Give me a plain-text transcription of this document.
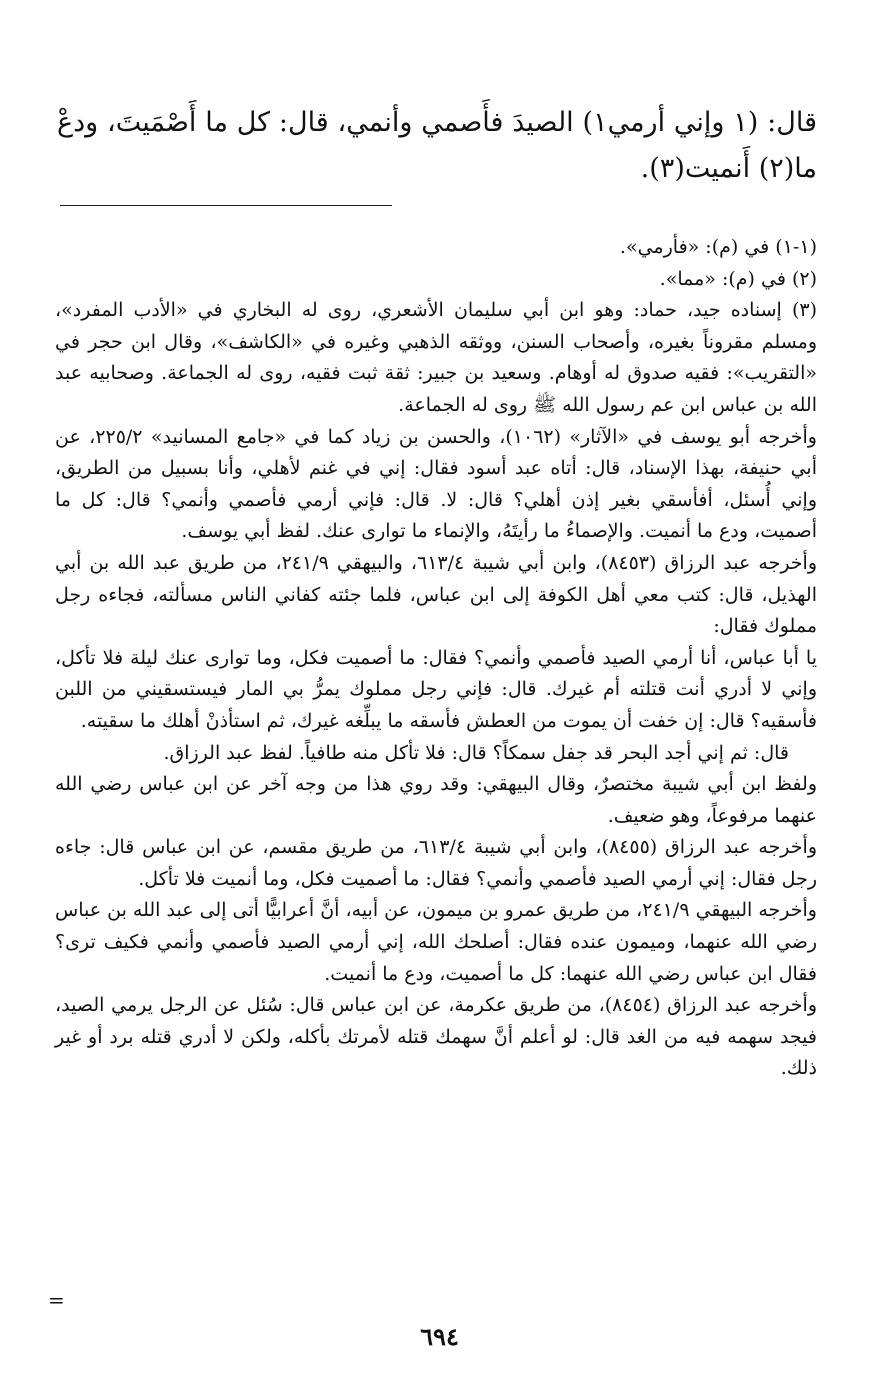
قال: (١ وإني أرمي١) الصيدَ فأَصمي وأنمي، قال: كل ما أَصْمَيتَ، ودعْ ما(٢) أَنميت(٣).

(١-١) في (م): «فأرمي».

(٢) في (م): «مما».

(٣) إسناده جيد، حماد: وهو ابن أبي سليمان الأشعري، روى له البخاري في «الأدب المفرد»، ومسلم مقروناً بغيره، وأصحاب السنن، ووثقه الذهبي وغيره في «الكاشف»، وقال ابن حجر في «التقريب»: فقيه صدوق له أوهام. وسعيد بن جبير: ثقة ثبت فقيه، روى له الجماعة. وصحابيه عبد الله بن عباس ابن عم رسول الله ﷺ روى له الجماعة.

وأخرجه أبو يوسف في «الآثار» (١٠٦٢)، والحسن بن زياد كما في «جامع المسانيد» ٢٢٥/٢، عن أبي حنيفة، بهذا الإسناد، قال: أتاه عبد أسود فقال: إني في غنم لأهلي، وأنا بسبيل من الطريق، وإني أُسئل، أفأسقي بغير إذن أهلي؟ قال: لا. قال: فإني أرمي فأصمي وأنمي؟ قال: كل ما أصميت، ودع ما أنميت. والإصماءُ ما رأيتَهُ، والإنماء ما توارى عنك. لفظ أبي يوسف.

وأخرجه عبد الرزاق (٨٤٥٣)، وابن أبي شيبة ٦١٣/٤، والبيهقي ٢٤١/٩، من طريق عبد الله بن أبي الهذيل، قال: كتب معي أهل الكوفة إلى ابن عباس، فلما جئته كفاني الناس مسألته، فجاءه رجل مملوك فقال:

يا أبا عباس، أنا أرمي الصيد فأصمي وأنمي؟ فقال: ما أصميت فكل، وما توارى عنك ليلة فلا تأكل، وإني لا أدري أنت قتلته أم غيرك. قال: فإني رجل مملوك يمرُّ بي المار فيستسقيني من اللبن فأسقيه؟ قال: إن خفت أن يموت من العطش فأسقه ما يبلِّغه غيرك، ثم استأذنْ أهلك ما سقيته.

قال: ثم إني أجد البحر قد جفل سمكاً؟ قال: فلا تأكل منه طافياً. لفظ عبد الرزاق.

ولفظ ابن أبي شيبة مختصرٌ، وقال البيهقي: وقد روي هذا من وجه آخر عن ابن عباس رضي الله عنهما مرفوعاً، وهو ضعيف.

وأخرجه عبد الرزاق (٨٤٥٥)، وابن أبي شيبة ٦١٣/٤، من طريق مقسم، عن ابن عباس قال: جاءه رجل فقال: إني أرمي الصيد فأصمي وأنمي؟ فقال: ما أصميت فكل، وما أنميت فلا تأكل.

وأخرجه البيهقي ٢٤١/٩، من طريق عمرو بن ميمون، عن أبيه، أنَّ أعرابيًّا أتى إلى عبد الله بن عباس رضي الله عنهما، وميمون عنده فقال: أصلحك الله، إني أرمي الصيد فأصمي وأنمي فكيف ترى؟ فقال ابن عباس رضي الله عنهما: كل ما أصميت، ودع ما أنميت.

وأخرجه عبد الرزاق (٨٤٥٤)، من طريق عكرمة، عن ابن عباس قال: سُئل عن الرجل يرمي الصيد، فيجد سهمه فيه من الغد قال: لو أعلم أنَّ سهمك قتله لأمرتك بأكله، ولكن لا أدري قتله برد أو غير ذلك.

=
٦٩٤
